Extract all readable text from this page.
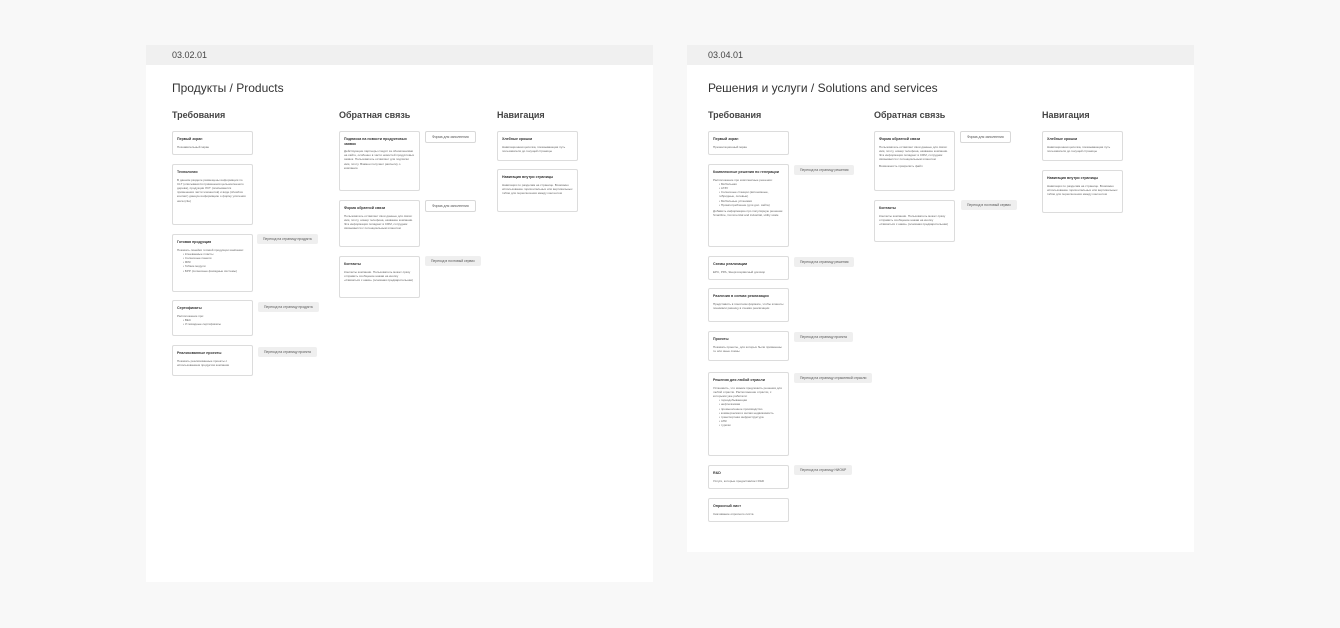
03.02.01
Продукты / Products
Требования	Обратная связь	Навигация
Первый экран
Познавательный экран
Технологии
В данном разделе размещены информация по CLT (описываются применения цельноклееного дерева), продукции ЛСТ (описываются применения части элементов) и виде (showbox контакт) данную информацию о форму усиления ниса (cite)
Готовая продукция
Показать линейки готовой продукции компании:
• Клееваемые пласты
• Солнечные панели
• ФЛК
• Гибкие модули
• БРР (солнечные фасадные системы)
Сертификаты
Расположение про:
• ВЕС
• Угловидные сертификаты
Реализованные проекты
Показать реализованные проекты с использованием продуктов компании
Переход на страницу продукта
Переход на страницу продукта
Переход на страницу проекта
Подписка на новости продуктовых заявок
Действующие партнеры следят за обновлениями на сайте, особенно в части новостей продуктовых заявок. Пользователь оставляет для подписки имя, почту. Взамен получает рассылку о компании.
Форма обратной связи
Пользователь оставляет свои данные для связи: имя, почту, номер телефона, название компании. Эта информация попадает в CRM, сотрудник связывается с потенциальным клиентом
Контакты
Контакты компании. Пользователь может сразу отправить сообщение нажав на кнопку «Связаться с нами» (основная предварительная)
Форма для заполнения
Форма для заполнения
Переход в почтовый сервис
Хлебные крошки
Навигационная цепочка, показывающая путь пользователя до текущей страницы
Навигация внутри страницы
Навигация по разделам на странице. Возможно использование горизонтальных или вертикальных табов для переключения между контентом
03.04.01
Решения и услуги / Solutions and services
Требования	Обратная связь	Навигация
Первый экран
Презентационный экран
Комплексные решения по генерации
Расположение про комплексные решения:
• Мобильная
• АГЗУ
• Солнечные станции (автономные, гибридные, сетевые)
• Мобильные установки
• Промпотребление (для доп. сайта)
Добавить информацию про популярную решение: Smartline, Commercial and industrial, utility scale
Схемы реализации
EPC, PPA, Энергосервисный договор
Различия в схемах реализации
Представить в понятном формате, чтобы клиенты понимали разницу в схемах реализации
Проекты
Показать проекты, для которых были применены те или иные схемы
Решения для любой отрасли
Установить, что можем предложить решения для любой отрасли. Расположение отрасли, с которыми уже работали:
• горнодобывающая
• нефтегазовая
• промышленное производство
• коммерческая и жилая недвижимость
• транспортная инфраструктура
• АПК
• туризм
R&D
Услуги, которые предоставляет R&D
Опросный лист
Скачивание опросного листа
Переход на страницу решения
Переход на страницу решения
Переход на страницу проекта
Переход на страницу отраслевой отрасли
Переход на страницу НИОКР
Форма обратной связи
Пользователь оставляет свои данные для связи: имя, почту, номер телефона, название компании. Эта информация попадает в CRM, сотрудник связывается с потенциальным клиентом
Возможность прикрепить файл
Контакты
Контакты компании. Пользователь может сразу отправить сообщение нажав на кнопку «Связаться с нами» (основная предварительная)
Форма для заполнения
Переход в почтовый сервис
Хлебные крошки
Навигационная цепочка, показывающая путь пользователя до текущей страницы
Навигация внутри страницы
Навигация по разделам на странице. Возможно использование горизонтальных или вертикальных табов для переключения между контентом
